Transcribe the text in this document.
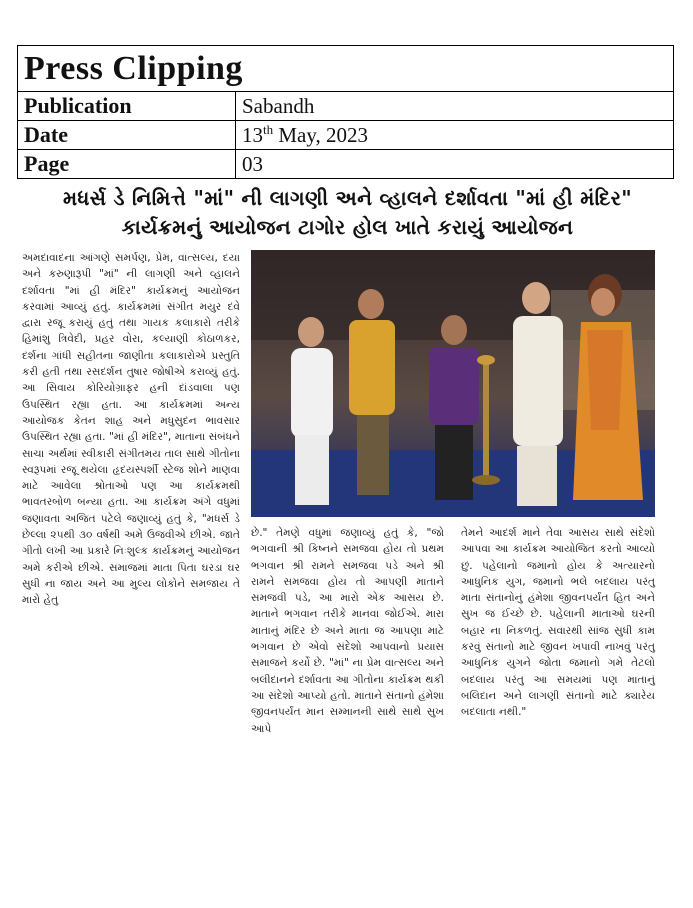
Press Clipping	
Publication	Sabandh
Date	13th May, 2023
Page	03
મધર્સ ડે નિમિત્તે "માં" ની લાગણી અને વ્હાલને દર્શાવતા "માં હી મંદિર" કાર્યક્રમનું આયોજન ટાગોર હોલ ખાતે કરાયું આયોજન

અમદાવાદના આંગણે સમર્પણ, પ્રેમ, વાત્સલ્ય, દયા અને કરુણારૂપી "માં" ની લાગણી અને વ્હાલને દર્શાવતા "માં હી મંદિર" કાર્યક્રમનું આયોજન કરવામાં આવ્યું હતું. કાર્યક્રમમાં સંગીત મયુર દવે દ્વારા રજૂ કરાયું હતું તથા ગાયક કલાકારો તરીકે હિમાંશુ ત્રિવેદી, પ્રહર વોરા, કલ્યાણી કોઠાળકર, દર્શના ગાંધી સહીતના જાણીતા કલાકારોએ પ્રસ્તુતિ કરી હતી તથા રસદર્શન તુષાર જોષીએ કરાવ્યું હતું. આ સિવાય કોરિયોગ્રાફર હની દાંડવાલા પણ ઉપસ્થિત રહ્યા હતા. આ કાર્યક્રમમાં અન્ય આયોજક કેતન શાહ અને મધુસુદન ભાવસાર ઉપસ્થિત રહ્યા હતા. "માં હી મંદિર", માતાના સંબંધને સાચા અર્થમાં સ્વીકારી સંગીતમય તાલ સાથે ગીતોના સ્વરૂપમાં રજૂ થયેલા હૃદયસ્પર્શી સ્ટેજ શોને માણવા માટે આવેલા શ્રોતાઓ પણ આ કાર્યક્રમથી ભાવતરબોળ બન્યા હતા. આ કાર્યક્રમ અંગે વધુમાં જણાવતા અજિત પટેલે જણાવ્યું હતું કે, "મધર્સ ડે છેલ્લા ૨૫થી ૩૦ વર્ષથી અમે ઉજવીએ છીએ. જાતે ગીતો લખી આ પ્રકારે નિઃશુલ્ક કાર્યક્રમનું આયોજન અમે કરીએ છીએ. સમાજમાં માતા પિતા ઘરડા ઘર સુધી ના જાય અને આ મુલ્ય લોકોને સમજાય તે મારો હેતુ

છે." તેમણે વધુમાં જણાવ્યું હતું કે, "જો ભગવાની શ્રી કિષ્નને સમજવા હોય તો પ્રથમ ભગવાન શ્રી રામને સમજવા પડે અને શ્રી રામને સમજવા હોય તો આપણી માતાને સમજવી પડે, આ મારો એક આસય છે. માતાને ભગવાન તરીકે માનવા જોઈએ. મારા માતાનું મંદિર છે અને માતા જ આપણા માટે ભગવાન છે એવો સંદેશો આપવાનો પ્રયાસ સમાજને કર્યો છે. "માં" ના પ્રેમ વાત્સલ્ય અને બલીદાનને દર્શાવતા આ ગીતોના કાર્યક્રમ થકી આ સંદેશો આપ્યો હતો. માતાને સંતાનો હંમેશા જીવનપર્યંત માન સમ્માનની સાથે સાથે સુખ આપે

તેમને આદર્શ માને તેવા આસય સાથે સંદેશો આપવા આ કાર્યક્રમ આયોજિત કરતો આવ્યો છું. પહેલાનો જમાનો હોય કે અત્યારનો આધુનિક યુગ, જમાનો ભલે બદલાય પરંતુ માતા સંતાનોનું હંમેશા જીવનપર્યંત હિત અને સુખ જ ઈચ્છે છે. પહેલાની માતાઓ ઘરની બહાર ના નિકળતું. સવારથી સાંજ સુધી કામ કરવું સંતાનો માટે જીવન ખપાવી નાખવું પરંતુ આધુનિક યુગને જોતા જમાનો ગમે તેટલો બદલાય પરંતુ આ સમયમાં પણ માતાનું બલિદાન અને લાગણી સંતાનો માટે ક્યારેય બદલાતા નથી."
